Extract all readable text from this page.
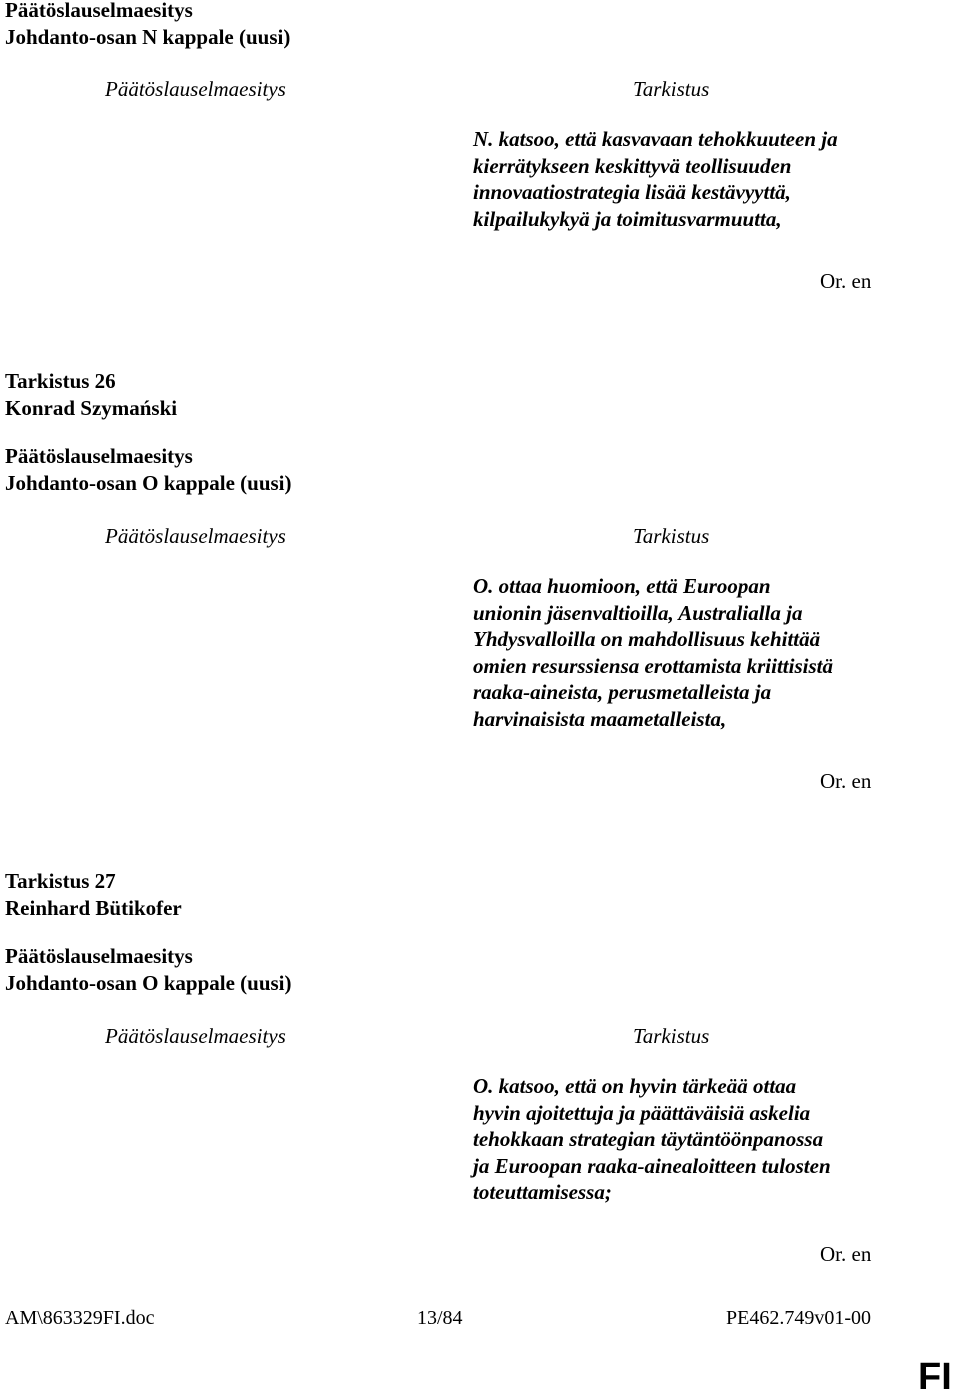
Päätöslauselmaesitys
Johdanto-osan N kappale (uusi)
Päätöslauselmaesitys	Tarkistus
N. katsoo, että kasvavaan tehokkuuteen ja
kierrätykseen keskittyvä teollisuuden
innovaatiostrategia lisää kestävyyttä,
kilpailukykyä ja toimitusvarmuutta,
Or. en
Tarkistus 26
Konrad Szymański
Päätöslauselmaesitys
Johdanto-osan O kappale (uusi)
Päätöslauselmaesitys	Tarkistus
O. ottaa huomioon, että Euroopan
unionin jäsenvaltioilla, Australialla ja
Yhdysvalloilla on mahdollisuus kehittää
omien resurssiensa erottamista kriittisistä
raaka-aineista, perusmetalleista ja
harvinaisista maametalleista,
Or. en
Tarkistus 27
Reinhard Bütikofer
Päätöslauselmaesitys
Johdanto-osan O kappale (uusi)
Päätöslauselmaesitys	Tarkistus
O. katsoo, että on hyvin tärkeää ottaa
hyvin ajoitettuja ja päättäväisiä askelia
tehokkaan strategian täytäntöönpanossa
ja Euroopan raaka-ainealoitteen tulosten
toteuttamisessa;
Or. en
AM\863329FI.doc	13/84	PE462.749v01-00
FI
